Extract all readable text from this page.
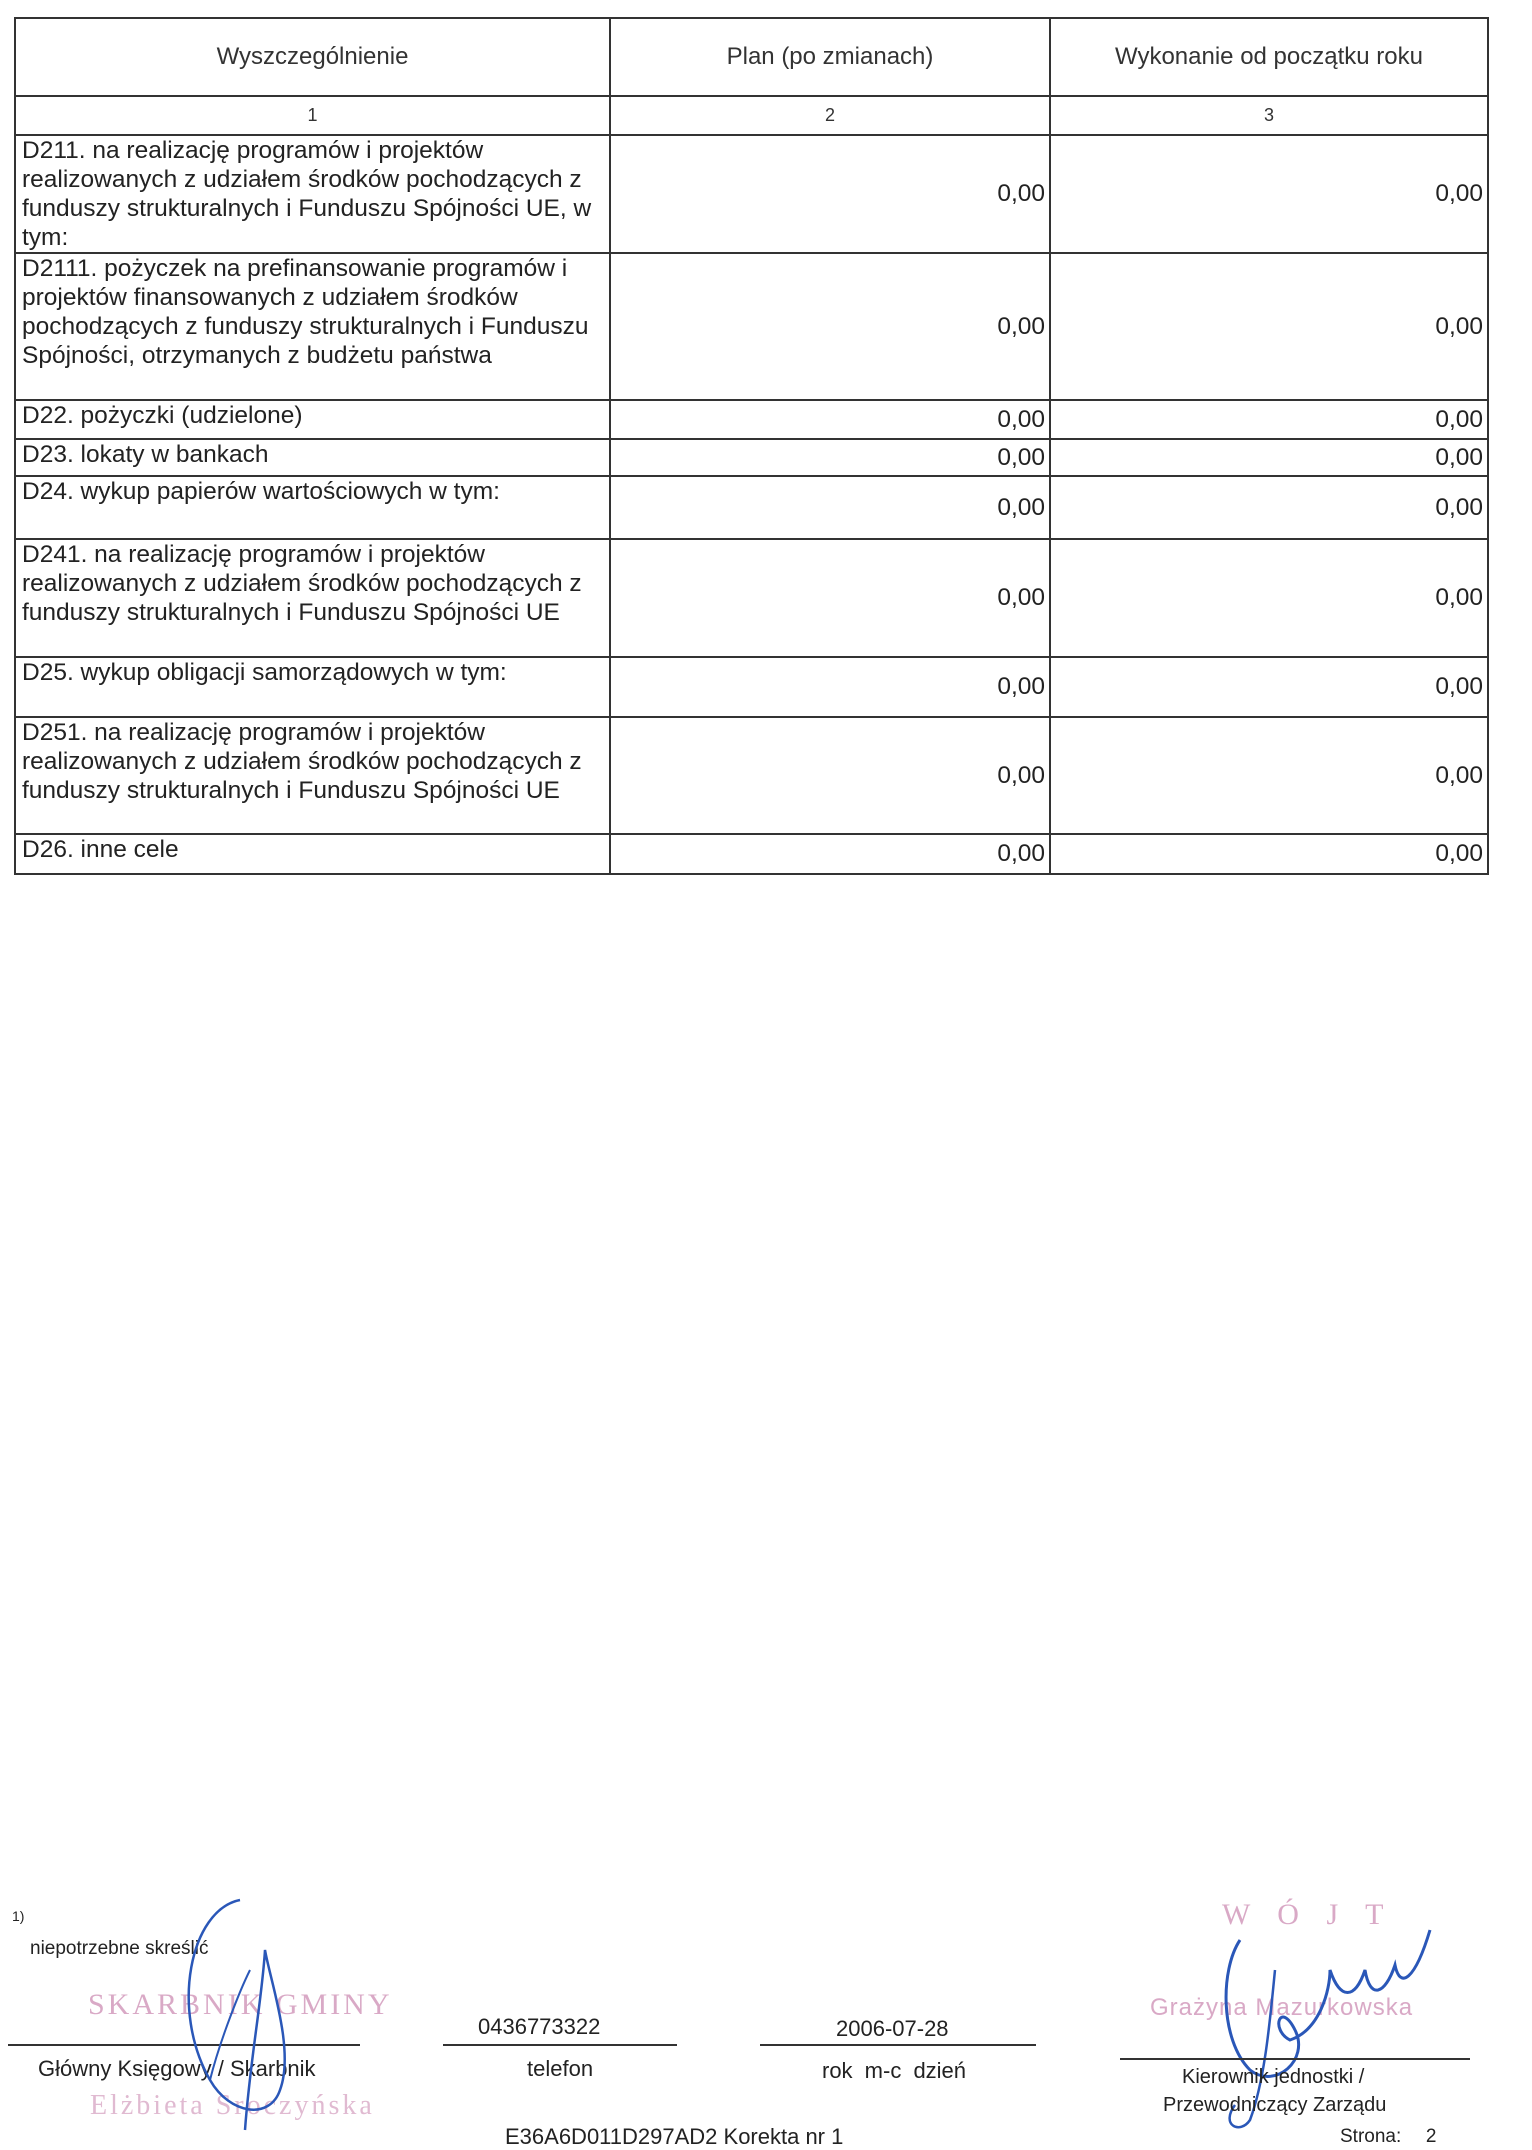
Wyszczególnienie	Plan (po zmianach)	Wykonanie od początku roku
1	2	3
D211. na realizację programów i projektów realizowanych z udziałem środków pochodzących z funduszy strukturalnych i Funduszu Spójności UE, w tym:	0,00	0,00
D2111. pożyczek na prefinansowanie programów i projektów finansowanych z udziałem środków pochodzących z funduszy strukturalnych i Funduszu Spójności, otrzymanych z budżetu państwa	0,00	0,00
D22. pożyczki (udzielone)	0,00	0,00
D23. lokaty w bankach	0,00	0,00
D24. wykup papierów wartościowych w tym:	0,00	0,00
D241. na realizację programów i projektów realizowanych z udziałem środków pochodzących z funduszy strukturalnych i Funduszu Spójności UE	0,00	0,00
D25. wykup obligacji samorządowych w tym:	0,00	0,00
D251. na realizację programów i projektów realizowanych z udziałem środków pochodzących z funduszy strukturalnych i Funduszu Spójności UE	0,00	0,00
D26. inne cele	0,00	0,00
1)
niepotrzebne skreślić
SKARBNIK GMINY
Główny Księgowy / Skarbnik
Elżbieta Sroczyńska
0436773322
telefon
2006-07-28
rok m-c dzień
W Ó J T
Grażyna Mazurkowska
Kierownik jednostki /
Przewodniczący Zarządu
E36A6D011D297AD2 Korekta nr 1	Strona: 2
